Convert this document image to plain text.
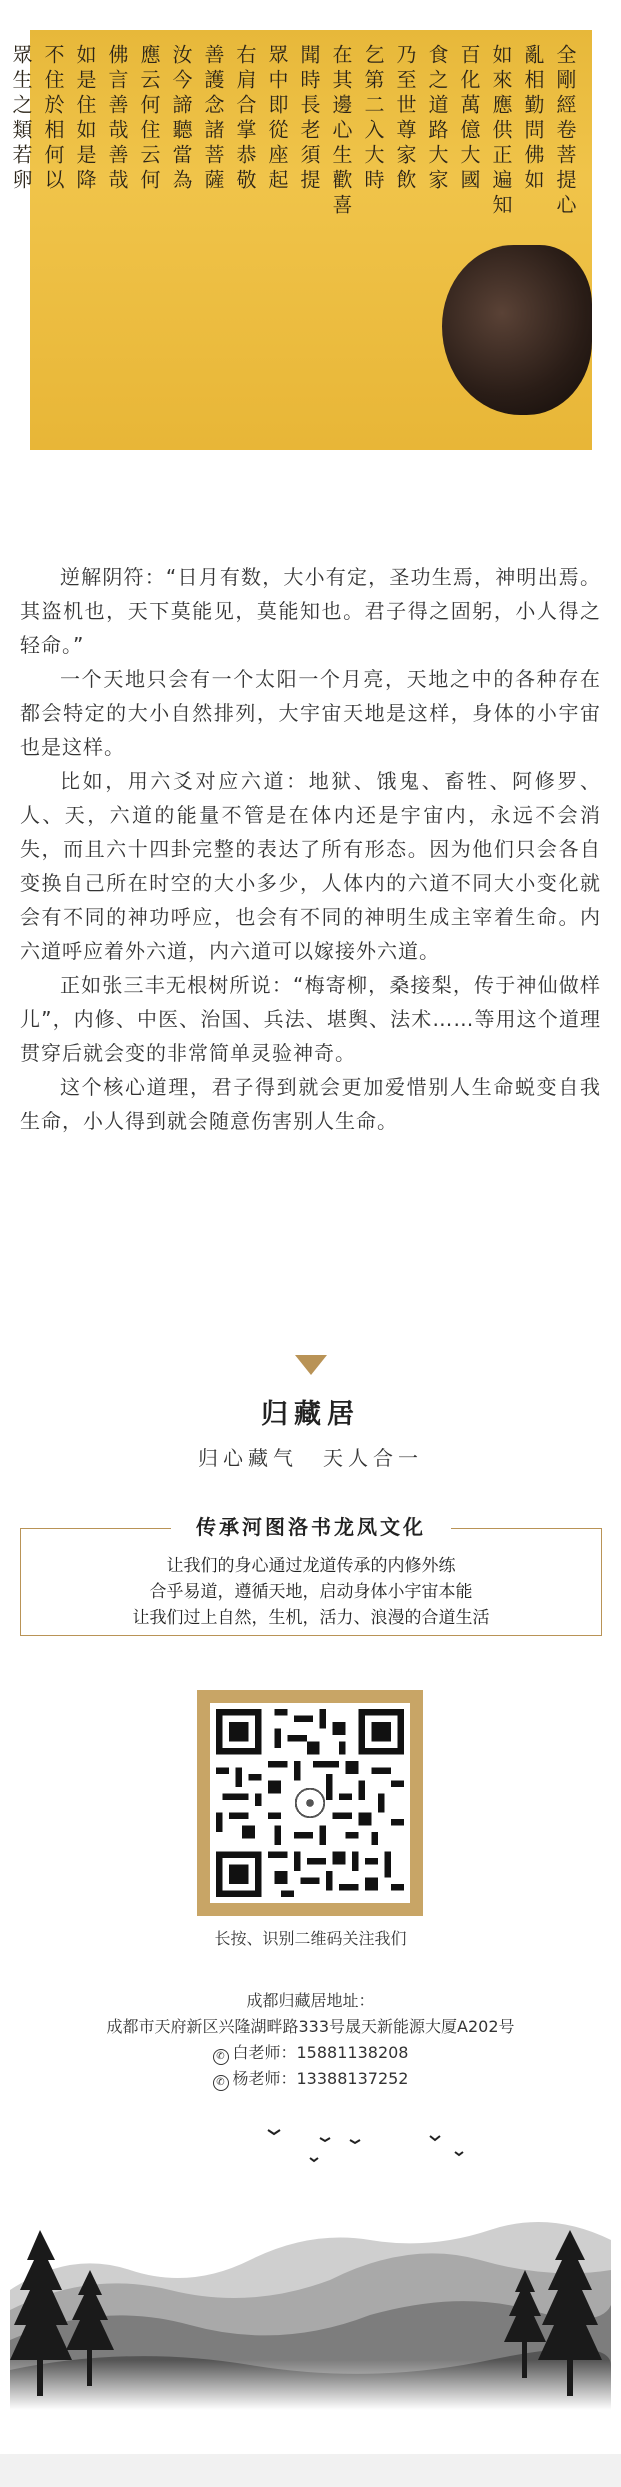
全剛經卷菩提心
亂相勤問佛如
如來應供正遍知
百化萬億大國
食之道路大家
乃至世尊家飲
乞第二入大時
在其邊心生歡喜
聞時長老須提
眾中即從座起
右肩合掌恭敬
善護念諸菩薩
汝今諦聽當為
應云何住云何
佛言善哉善哉
如是住如是降
不住於相何以
眾生之類若卵

逆解阴符：“日月有数，大小有定，圣功生焉，神明出焉。其盗机也，天下莫能见，莫能知也。君子得之固躬，小人得之轻命。”

一个天地只会有一个太阳一个月亮，天地之中的各种存在都会特定的大小自然排列，大宇宙天地是这样，身体的小宇宙也是这样。

比如，用六爻对应六道：地狱、饿鬼、畜牲、阿修罗、人、天，六道的能量不管是在体内还是宇宙内，永远不会消失，而且六十四卦完整的表达了所有形态。因为他们只会各自变换自己所在时空的大小多少，人体内的六道不同大小变化就会有不同的神功呼应，也会有不同的神明生成主宰着生命。内六道呼应着外六道，内六道可以嫁接外六道。

正如张三丰无根树所说：“梅寄柳，桑接梨，传于神仙做样儿”，内修、中医、治国、兵法、堪舆、法术……等用这个道理贯穿后就会变的非常简单灵验神奇。

这个核心道理，君子得到就会更加爱惜别人生命蜕变自我生命，小人得到就会随意伤害别人生命。

归藏居
归心藏气　天人合一
传承河图洛书龙凤文化
让我们的身心通过龙道传承的内修外练
合乎易道，遵循天地，启动身体小宇宙本能
让我们过上自然，生机，活力、浪漫的合道生活
长按、识别二维码关注我们
成都归藏居地址：
成都市天府新区兴隆湖畔路333号晟天新能源大厦A202号
✆ 白老师：15881138208
✆ 杨老师：13388137252
